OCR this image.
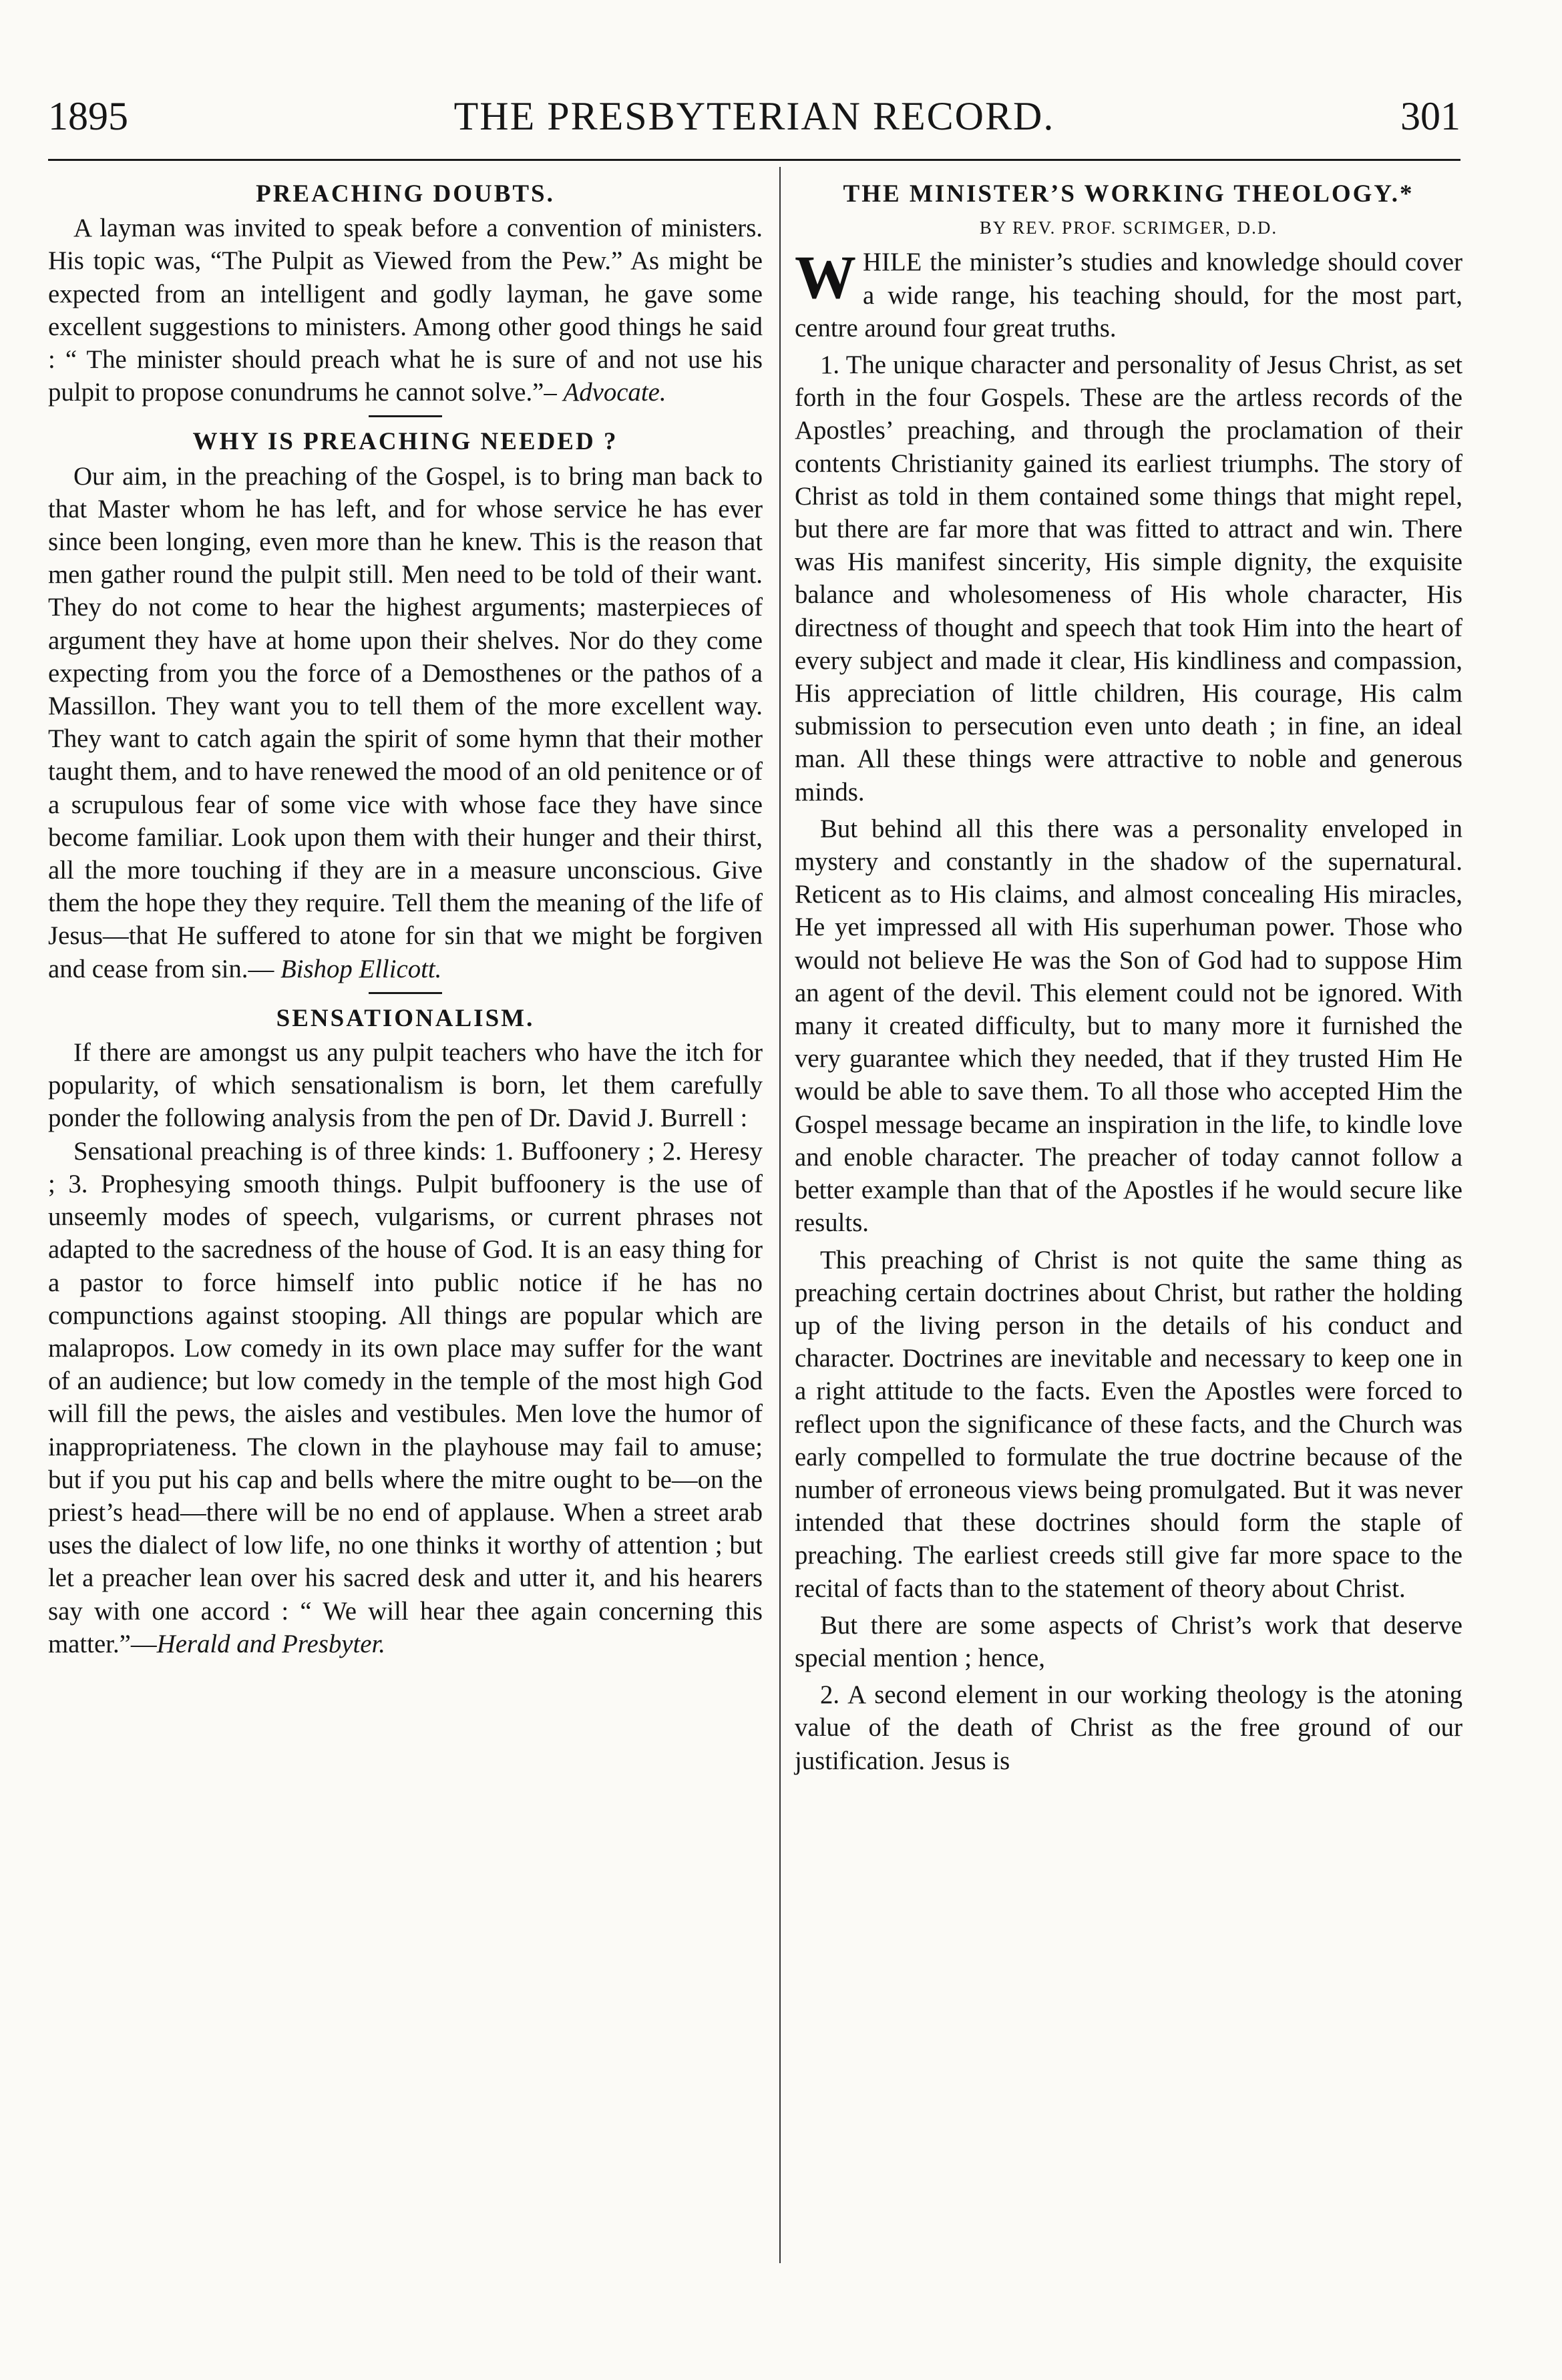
1895	THE PRESBYTERIAN RECORD.	301
PREACHING DOUBTS.

A layman was invited to speak before a convention of ministers. His topic was, “The Pulpit as Viewed from the Pew.” As might be expected from an intelligent and godly layman, he gave some excellent suggestions to ministers. Among other good things he said : “ The minister should preach what he is sure of and not use his pulpit to propose conundrums he cannot solve.”– Advocate.

WHY IS PREACHING NEEDED ?

Our aim, in the preaching of the Gospel, is to bring man back to that Master whom he has left, and for whose service he has ever since been longing, even more than he knew. This is the reason that men gather round the pulpit still. Men need to be told of their want. They do not come to hear the highest arguments; masterpieces of argument they have at home upon their shelves. Nor do they come expecting from you the force of a Demosthenes or the pathos of a Massillon. They want you to tell them of the more excellent way. They want to catch again the spirit of some hymn that their mother taught them, and to have renewed the mood of an old penitence or of a scrupulous fear of some vice with whose face they have since become familiar. Look upon them with their hunger and their thirst, all the more touching if they are in a measure unconscious. Give them the hope they they require. Tell them the meaning of the life of Jesus—that He suffered to atone for sin that we might be forgiven and cease from sin.— Bishop Ellicott.

SENSATIONALISM.

If there are amongst us any pulpit teachers who have the itch for popularity, of which sensationalism is born, let them carefully ponder the following analysis from the pen of Dr. David J. Burrell :

Sensational preaching is of three kinds: 1. Buffoonery ; 2. Heresy ; 3. Prophesying smooth things. Pulpit buffoonery is the use of unseemly modes of speech, vulgarisms, or current phrases not adapted to the sacredness of the house of God. It is an easy thing for a pastor to force himself into public notice if he has no compunctions against stooping. All things are popular which are malapropos. Low comedy in its own place may suffer for the want of an audience; but low comedy in the temple of the most high God will fill the pews, the aisles and vestibules. Men love the humor of inappropriateness. The clown in the playhouse may fail to amuse; but if you put his cap and bells where the mitre ought to be—on the priest’s head—there will be no end of applause. When a street arab uses the dialect of low life, no one thinks it worthy of attention ; but let a preacher lean over his sacred desk and utter it, and his hearers say with one accord : “ We will hear thee again concerning this matter.”—Herald and Presbyter.

THE MINISTER’S WORKING THEOLOGY.*
BY REV. PROF. SCRIMGER, D.D.
W HILE the minister’s studies and knowledge should cover a wide range, his teaching should, for the most part, centre around four great truths.

1. The unique character and personality of Jesus Christ, as set forth in the four Gospels. These are the artless records of the Apostles’ preaching, and through the proclamation of their contents Christianity gained its earliest triumphs. The story of Christ as told in them contained some things that might repel, but there are far more that was fitted to attract and win. There was His manifest sincerity, His simple dignity, the exquisite balance and wholesomeness of His whole character, His directness of thought and speech that took Him into the heart of every subject and made it clear, His kindliness and compassion, His appreciation of little children, His courage, His calm submission to persecution even unto death ; in fine, an ideal man. All these things were attractive to noble and generous minds.

But behind all this there was a personality enveloped in mystery and constantly in the shadow of the supernatural. Reticent as to His claims, and almost concealing His miracles, He yet impressed all with His superhuman power. Those who would not believe He was the Son of God had to suppose Him an agent of the devil. This element could not be ignored. With many it created difficulty, but to many more it furnished the very guarantee which they needed, that if they trusted Him He would be able to save them. To all those who accepted Him the Gospel message became an inspiration in the life, to kindle love and enoble character. The preacher of today cannot follow a better example than that of the Apostles if he would secure like results.

This preaching of Christ is not quite the same thing as preaching certain doctrines about Christ, but rather the holding up of the living person in the details of his conduct and character. Doctrines are inevitable and necessary to keep one in a right attitude to the facts. Even the Apostles were forced to reflect upon the significance of these facts, and the Church was early compelled to formulate the true doctrine because of the number of erroneous views being promulgated. But it was never intended that these doctrines should form the staple of preaching. The earliest creeds still give far more space to the recital of facts than to the statement of theory about Christ.

But there are some aspects of Christ’s work that deserve special mention ; hence,

2. A second element in our working theology is the atoning value of the death of Christ as the free ground of our justification. Jesus is
